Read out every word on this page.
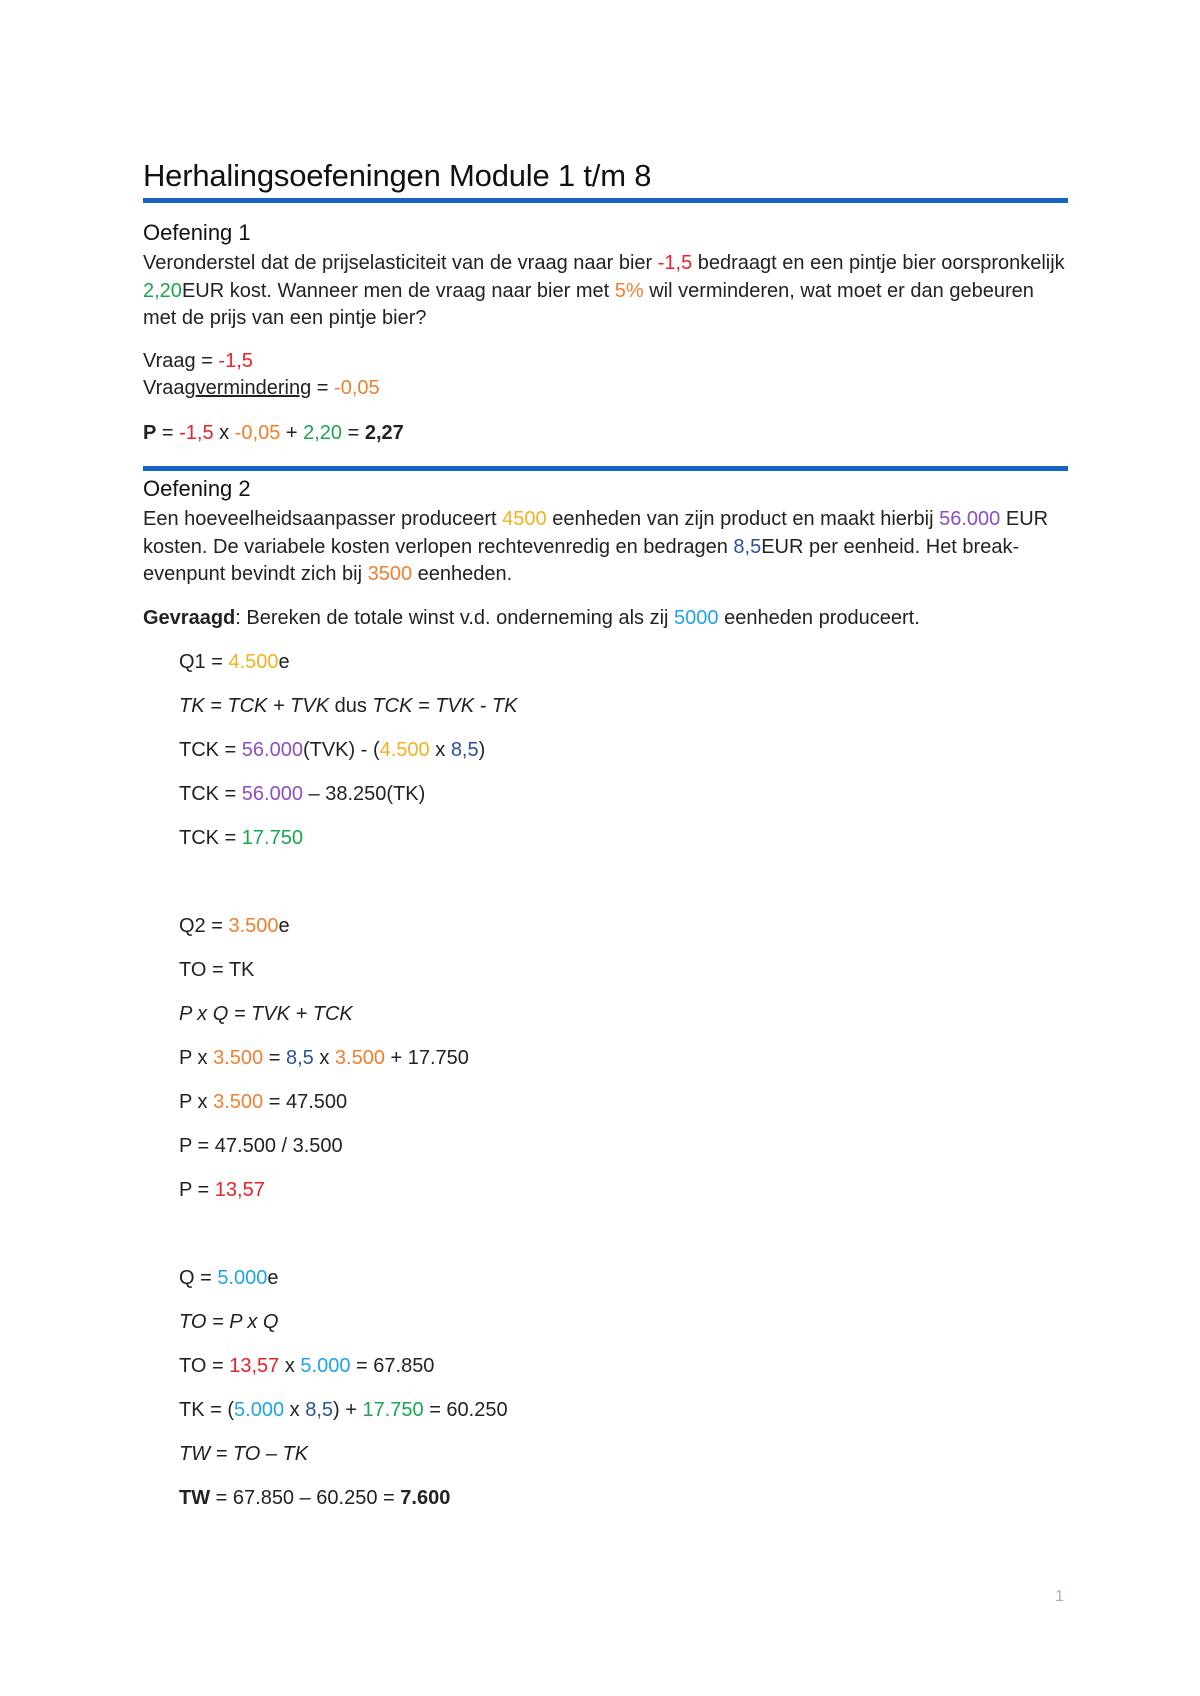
Herhalingsoefeningen Module 1 t/m 8
Oefening 1
Veronderstel dat de prijselasticiteit van de vraag naar bier -1,5 bedraagt en een pintje bier oorspronkelijk 2,20EUR kost. Wanneer men de vraag naar bier met 5% wil verminderen, wat moet er dan gebeuren met de prijs van een pintje bier?
Vraag = -1,5
Vraagvermindering = -0,05
P = -1,5 x -0,05 + 2,20 = 2,27
Oefening 2
Een hoeveelheidsaanpasser produceert 4500 eenheden van zijn product en maakt hierbij 56.000 EUR kosten. De variabele kosten verlopen rechtevenredig en bedragen 8,5EUR per eenheid. Het break-evenpunt bevindt zich bij 3500 eenheden.
Gevraagd: Bereken de totale winst v.d. onderneming als zij 5000 eenheden produceert.
Q1 = 4.500e
TK = TCK + TVK dus TCK = TVK - TK
TCK = 56.000(TVK) - (4.500 x 8,5)
TCK = 56.000 – 38.250(TK)
TCK = 17.750
Q2 = 3.500e
TO = TK
P x Q = TVK + TCK
P x 3.500 = 8,5 x 3.500 + 17.750
P x 3.500 = 47.500
P = 47.500 / 3.500
P = 13,57
Q = 5.000e
TO = P x Q
TO = 13,57 x 5.000 = 67.850
TK = (5.000 x 8,5) + 17.750 = 60.250
TW = TO – TK
TW = 67.850 – 60.250 = 7.600
1
